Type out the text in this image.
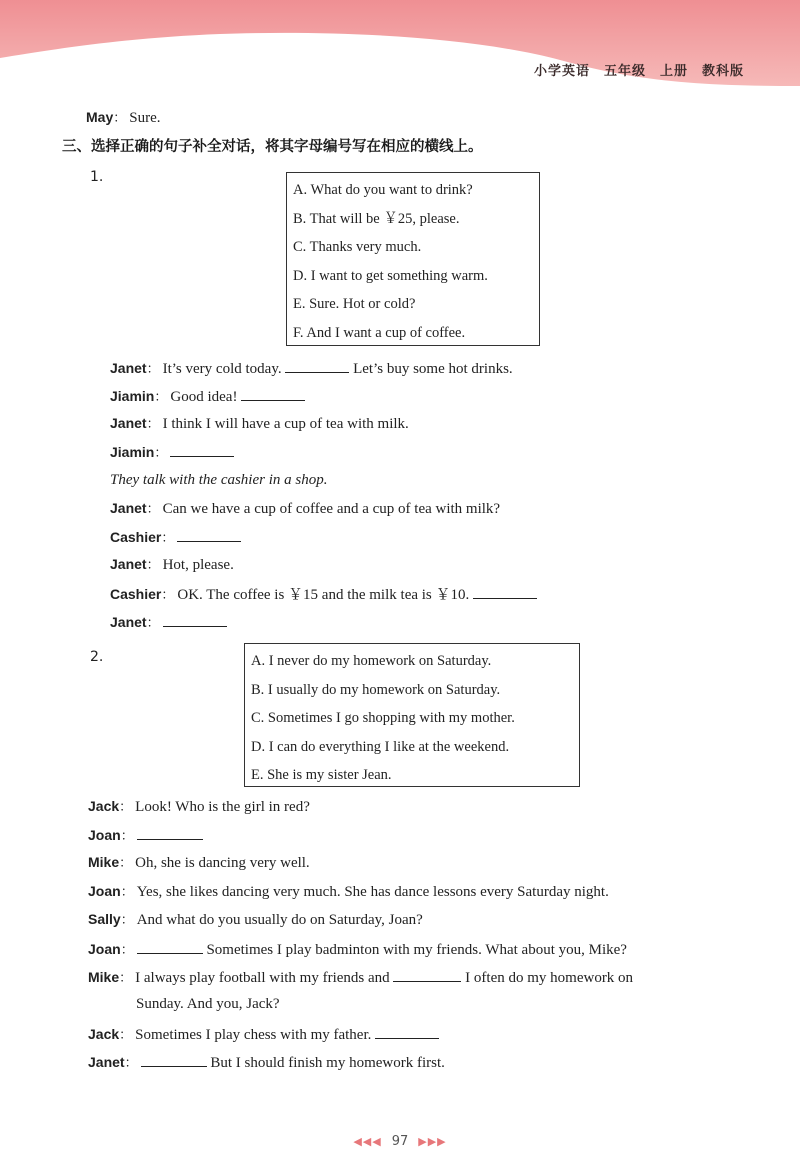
小学英语　五年级　上册　教科版
May： Sure.
三、选择正确的句子补全对话，将其字母编号写在相应的横线上。
1.
A. What do you want to drink?
B. That will be ￥25, please.
C. Thanks very much.
D. I want to get something warm.
E. Sure. Hot or cold?
F. And I want a cup of coffee.
Janet： It’s very cold today.	Let’s buy some hot drinks.
Jiamin： Good idea!
Janet： I think I will have a cup of tea with milk.
Jiamin：
They talk with the cashier in a shop.
Janet： Can we have a cup of coffee and a cup of tea with milk?
Cashier：
Janet： Hot, please.
Cashier： OK. The coffee is ￥15 and the milk tea is ￥10.
Janet：
2.	A. I never do my homework on Saturday.
B. I usually do my homework on Saturday.
C. Sometimes I go shopping with my mother.
D. I can do everything I like at the weekend.
E. She is my sister Jean.
Jack： Look! Who is the girl in red?
Joan：
Mike： Oh, she is dancing very well.
Joan： Yes, she likes dancing very much. She has dance lessons every Saturday night.
Sally： And what do you usually do on Saturday, Joan?
Joan：	Sometimes I play badminton with my friends. What about you, Mike?
Mike： I always play football with my friends and	I often do my homework on
Sunday. And you, Jack?
Jack： Sometimes I play chess with my father.
Janet：	But I should finish my homework first.
◀◀◀ 97 ▶▶▶
